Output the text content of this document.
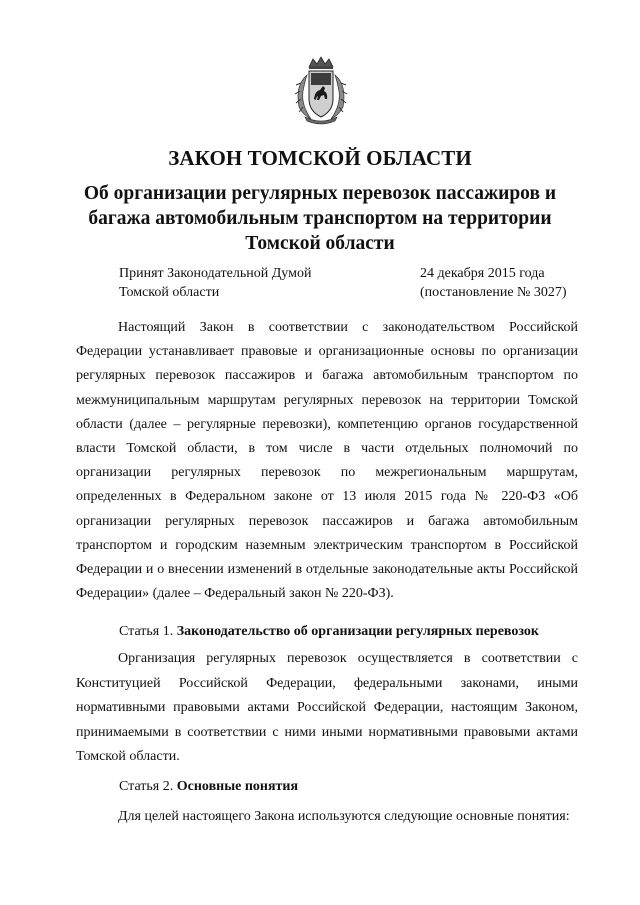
ЗАКОН ТОМСКОЙ ОБЛАСТИ
Об организации регулярных перевозок пассажиров и
багажа автомобильным транспортом на территории
Томской области
Принят Законодательной Думой
Томской области
24 декабря 2015 года
(постановление № 3027)

Настоящий Закон в соответствии с законодательством Российской Федерации устанавливает правовые и организационные основы по организации регулярных перевозок пассажиров и багажа автомобильным транспортом по межмуниципальным маршрутам регулярных перевозок на территории Томской области (далее – регулярные перевозки), компетенцию органов государственной власти Томской области, в том числе в части отдельных полномочий по организации регулярных перевозок по межрегиональным маршрутам, определенных в Федеральном законе от 13 июля 2015 года № 220-ФЗ «Об организации регулярных перевозок пассажиров и багажа автомобильным транспортом и городским наземным электрическим транспортом в Российской Федерации и о внесении изменений в отдельные законодательные акты Российской Федерации» (далее – Федеральный закон № 220-ФЗ).

Статья 1. Законодательство об организации регулярных перевозок

Организация регулярных перевозок осуществляется в соответствии с Конституцией Российской Федерации, федеральными законами, иными нормативными правовыми актами Российской Федерации, настоящим Законом, принимаемыми в соответствии с ними иными нормативными правовыми актами Томской области.

Статья 2. Основные понятия

Для целей настоящего Закона используются следующие основные понятия:
